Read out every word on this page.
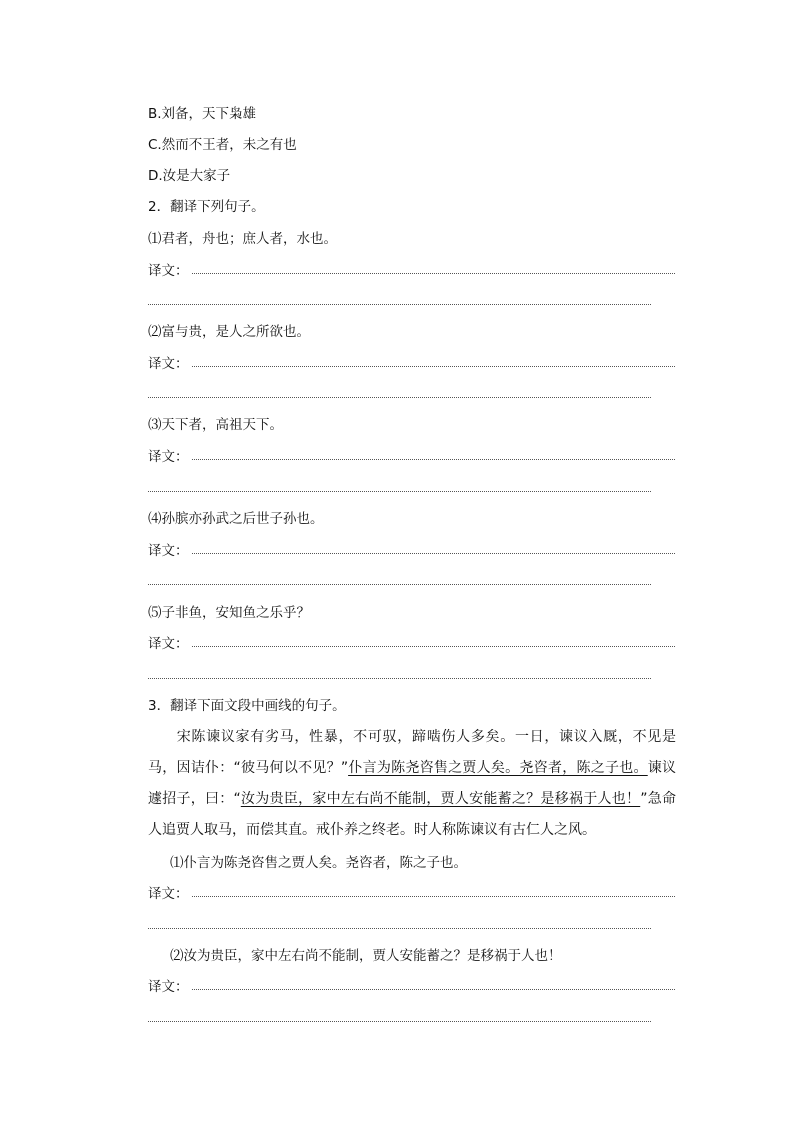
B.刘备，天下枭雄
C.然而不王者，未之有也
D.汝是大家子
2．翻译下列句子。
⑴君者，舟也；庶人者，水也。
译文：
⑵富与贵，是人之所欲也。
译文：
⑶天下者，高祖天下。
译文：
⑷孙膑亦孙武之后世子孙也。
译文：
⑸子非鱼，安知鱼之乐乎？
译文：
3．翻译下面文段中画线的句子。
宋陈谏议家有劣马，性暴，不可驭，蹄啮伤人多矣。一日，谏议入厩，不见是马，因诘仆：“彼马何以不见？”仆言为陈尧咨售之贾人矣。尧咨者，陈之子也。谏议遽招子，曰：“汝为贵臣，家中左右尚不能制，贾人安能蓄之？是移祸于人也！”急命人追贾人取马，而偿其直。戒仆养之终老。时人称陈谏议有古仁人之风。
⑴仆言为陈尧咨售之贾人矣。尧咨者，陈之子也。
译文：
⑵汝为贵臣，家中左右尚不能制，贾人安能蓄之？是移祸于人也！
译文：
